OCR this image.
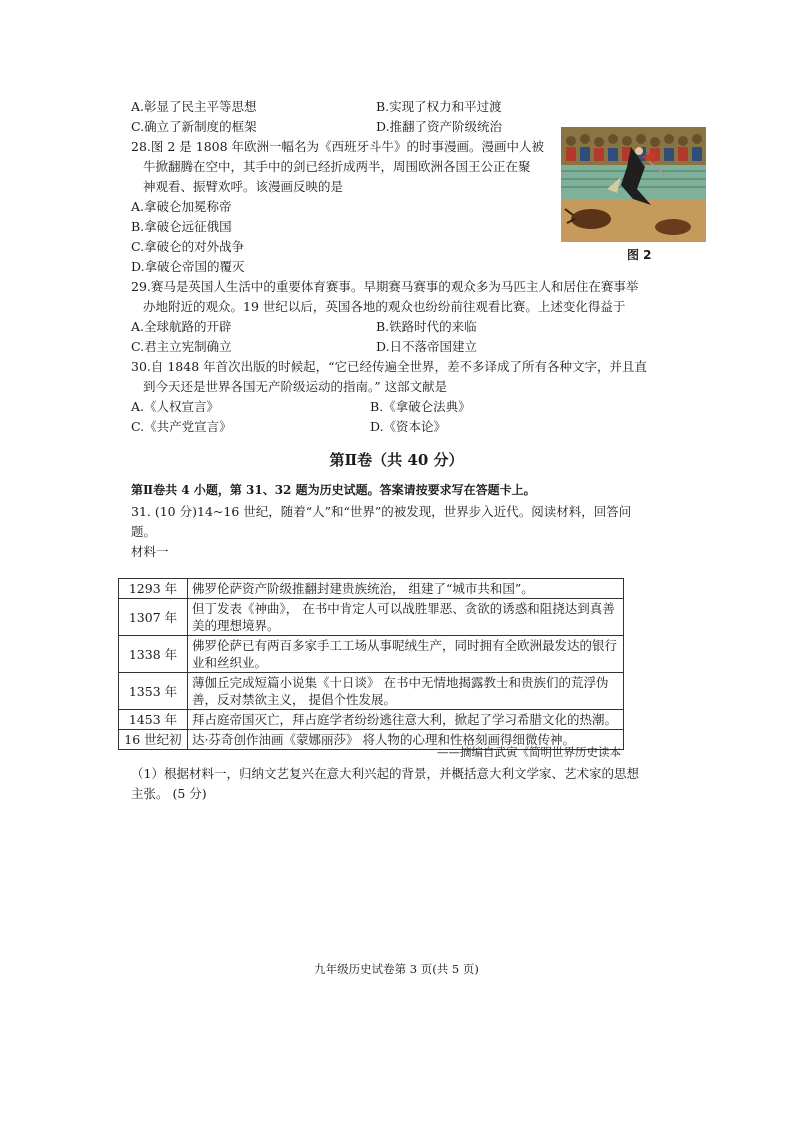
A.彰显了民主平等思想	B.实现了权力和平过渡
C.确立了新制度的框架	D.推翻了资产阶级统治
28.图 2 是 1808 年欧洲一幅名为《西班牙斗牛》的时事漫画。漫画中人被
牛掀翻腾在空中，其手中的剑已经折成两半，周围欧洲各国王公正在聚
神观看、振臂欢呼。该漫画反映的是
A.拿破仑加冕称帝
B.拿破仑远征俄国
C.拿破仑的对外战争
D.拿破仑帝国的覆灭
图 2
29.赛马是英国人生活中的重要体育赛事。早期赛马赛事的观众多为马匹主人和居住在赛事举
办地附近的观众。19 世纪以后，英国各地的观众也纷纷前往观看比赛。上述变化得益于
A.全球航路的开辟	B.铁路时代的来临
C.君主立宪制确立	D.日不落帝国建立
30.自 1848 年首次出版的时候起，“它已经传遍全世界，差不多译成了所有各种文字，并且直
到今天还是世界各国无产阶级运动的指南。” 这部文献是
A.《人权宣言》	B.《拿破仑法典》
C.《共产党宣言》	D.《资本论》
第Ⅱ卷（共 40 分）
第Ⅱ卷共 4 小题，第 31、32 题为历史试题。答案请按要求写在答题卡上。
31. (10 分)14~16 世纪，随着“人”和“世界”的被发现，世界步入近代。阅读材料，回答问
题。
材料一
1293 年	佛罗伦萨资产阶级推翻封建贵族统治， 组建了“城市共和国”。
1307 年	但丁发表《神曲》， 在书中肯定人可以战胜罪恶、贪欲的诱惑和阻挠达到真善美的理想境界。
1338 年	佛罗伦萨已有两百多家手工工场从事呢绒生产，同时拥有全欧洲最发达的银行业和丝织业。
1353 年	薄伽丘完成短篇小说集《十日谈》 在书中无情地揭露教士和贵族们的荒浮伪善，反对禁欲主义， 提倡个性发展。
1453 年	拜占庭帝国灭亡，拜占庭学者纷纷逃往意大利，掀起了学习希腊文化的热潮。
16 世纪初	达·芬奇创作油画《蒙娜丽莎》 将人物的心理和性格刻画得细微传神。
——摘编自武寅《简明世界历史读本
（1）根据材料一，归纳文艺复兴在意大利兴起的背景，并概括意大利文学家、艺术家的思想
主张。 (5 分)
九年级历史试卷第 3 页(共 5 页)
